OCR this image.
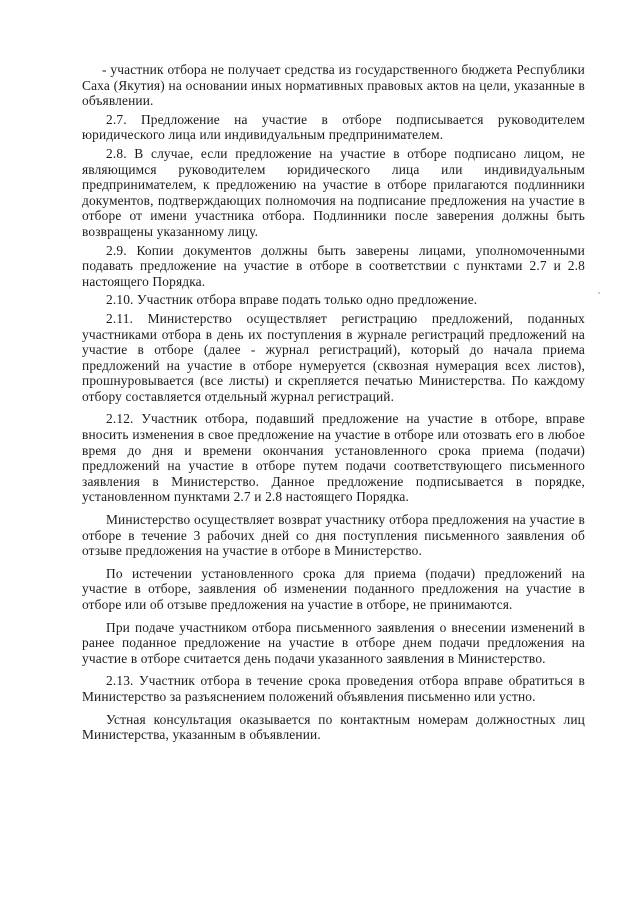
- участник отбора не получает средства из государственного бюджета Республики Саха (Якутия) на основании иных нормативных правовых актов на цели, указанные в объявлении.

2.7. Предложение на участие в отборе подписывается руководителем юридического лица или индивидуальным предпринимателем.

2.8. В случае, если предложение на участие в отборе подписано лицом, не являющимся руководителем юридического лица или индивидуальным предпринимателем, к предложению на участие в отборе прилагаются подлинники документов, подтверждающих полномочия на подписание предложения на участие в отборе от имени участника отбора. Подлинники после заверения должны быть возвращены указанному лицу.

2.9. Копии документов должны быть заверены лицами, уполномоченными подавать предложение на участие в отборе в соответствии с пунктами 2.7 и 2.8 настоящего Порядка.

2.10. Участник отбора вправе подать только одно предложение.

2.11. Министерство осуществляет регистрацию предложений, поданных участниками отбора в день их поступления в журнале регистраций предложений на участие в отборе (далее - журнал регистраций), который до начала приема предложений на участие в отборе нумеруется (сквозная нумерация всех листов), прошнуровывается (все листы) и скрепляется печатью Министерства. По каждому отбору составляется отдельный журнал регистраций.

2.12. Участник отбора, подавший предложение на участие в отборе, вправе вносить изменения в свое предложение на участие в отборе или отозвать его в любое время до дня и времени окончания установленного срока приема (подачи) предложений на участие в отборе путем подачи соответствующего письменного заявления в Министерство. Данное предложение подписывается в порядке, установленном пунктами 2.7 и 2.8 настоящего Порядка.

Министерство осуществляет возврат участнику отбора предложения на участие в отборе в течение 3 рабочих дней со дня поступления письменного заявления об отзыве предложения на участие в отборе в Министерство.

По истечении установленного срока для приема (подачи) предложений на участие в отборе, заявления об изменении поданного предложения на участие в отборе или об отзыве предложения на участие в отборе, не принимаются.

При подаче участником отбора письменного заявления о внесении изменений в ранее поданное предложение на участие в отборе днем подачи предложения на участие в отборе считается день подачи указанного заявления в Министерство.

2.13. Участник отбора в течение срока проведения отбора вправе обратиться в Министерство за разъяснением положений объявления письменно или устно.

Устная консультация оказывается по контактным номерам должностных лиц Министерства, указанным в объявлении.
